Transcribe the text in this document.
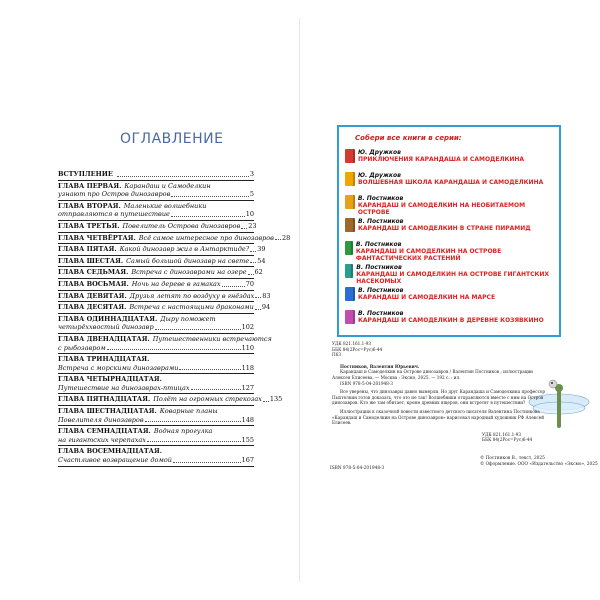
ОГЛАВЛЕНИЕ
ВСТУПЛЕНИЕ	3
ГЛАВА ПЕРВАЯ. Карандаш и Самоделкин
узнают про Остров динозавров	5
ГЛАВА ВТОРАЯ. Маленькие волшебники
отправляются в путешествие	10
ГЛАВА ТРЕТЬЯ. Повелитель Острова динозавров 23
ГЛАВА ЧЕТВЁРТАЯ. Всё самое интересное про динозавров 28
ГЛАВА ПЯТАЯ. Какой динозавр жил в Антарктиде? 39
ГЛАВА ШЕСТАЯ. Самый большой динозавр на свете 54
ГЛАВА СЕДЬМАЯ. Встреча с динозаврами на озере 62
ГЛАВА ВОСЬМАЯ. Ночь на дереве в гамаках	70
ГЛАВА ДЕВЯТАЯ. Друзья летят по воздуху в гнёздах 83
ГЛАВА ДЕСЯТАЯ. Встреча с настоящими драконами 94
ГЛАВА ОДИННАДЦАТАЯ. Дыру поможет
четырёххвостый динозавр	102
ГЛАВА ДВЕНАДЦАТАЯ. Путешественники встречаются
с рыбозавром	110
ГЛАВА ТРИНАДЦАТАЯ.
Встреча с морскими динозаврами	118
ГЛАВА ЧЕТЫРНАДЦАТАЯ.
Путешествие на динозаврах-птицах	127
ГЛАВА ПЯТНАДЦАТАЯ. Полёт на огромных стрекозах 135
ГЛАВА ШЕСТНАДЦАТАЯ. Коварные планы
Повелителя динозавров	148
ГЛАВА СЕМНАДЦАТАЯ. Водная прогулка
на гигантских черепахах	155
ГЛАВА ВОСЕМНАДЦАТАЯ.
Счастливое возвращение домой	167
Собери все книги в серии:
Ю. Дружков
ПРИКЛЮЧЕНИЯ КАРАНДАША И САМОДЕЛКИНА
Ю. Дружков
ВОЛШЕБНАЯ ШКОЛА КАРАНДАША И САМОДЕЛКИНА
В. Постников
КАРАНДАШ И САМОДЕЛКИН НА НЕОБИТАЕМОМ ОСТРОВЕ
В. Постников
КАРАНДАШ И САМОДЕЛКИН В СТРАНЕ ПИРАМИД
В. Постников
КАРАНДАШ И САМОДЕЛКИН НА ОСТРОВЕ ФАНТАСТИЧЕСКИХ РАСТЕНИЙ
В. Постников
КАРАНДАШ И САМОДЕЛКИН НА ОСТРОВЕ ГИГАНТСКИХ НАСЕКОМЫХ
В. Постников
КАРАНДАШ И САМОДЕЛКИН НА МАРСЕ
В. Постников
КАРАНДАШ И САМОДЕЛКИН В ДЕРЕВНЕ КОЗЯВКИНО
УДК 821.161.1-93
ББК 84(2Рос=Рус)6-44
П63
Постников, Валентин Юрьевич.
Карандаш и Самоделкин на Острове динозавров / Валентин Постников ; иллюстрации Алексея Елисеева. — Москва : Эксмо, 2025. — 192 с. : ил.
ISBN 978-5-04-201948-3
Все уверены, что динозавры давно вымерли. Но друг Карандашa и Самоделкина профессор Пыхтелкин готов доказать, что это не так! Волшебники отправляются вместе с ним на Остров динозавров. Кто же там обитает, кроме древних ящеров, они встретят в путешествии?
Иллюстрации к сказочной повести известного детского писателя Валентина Постникова «Карандаш и Самоделкин на Острове динозавров» нарисовал народный художник РФ Алексей Елисеев.
УДК 821.161.1-93
ББК 84(2Рос=Рус)6-44
© Постников В., текст, 2025
© Оформление. ООО «Издательство «Эксмо», 2025
ISBN 978-5-04-201948-3
